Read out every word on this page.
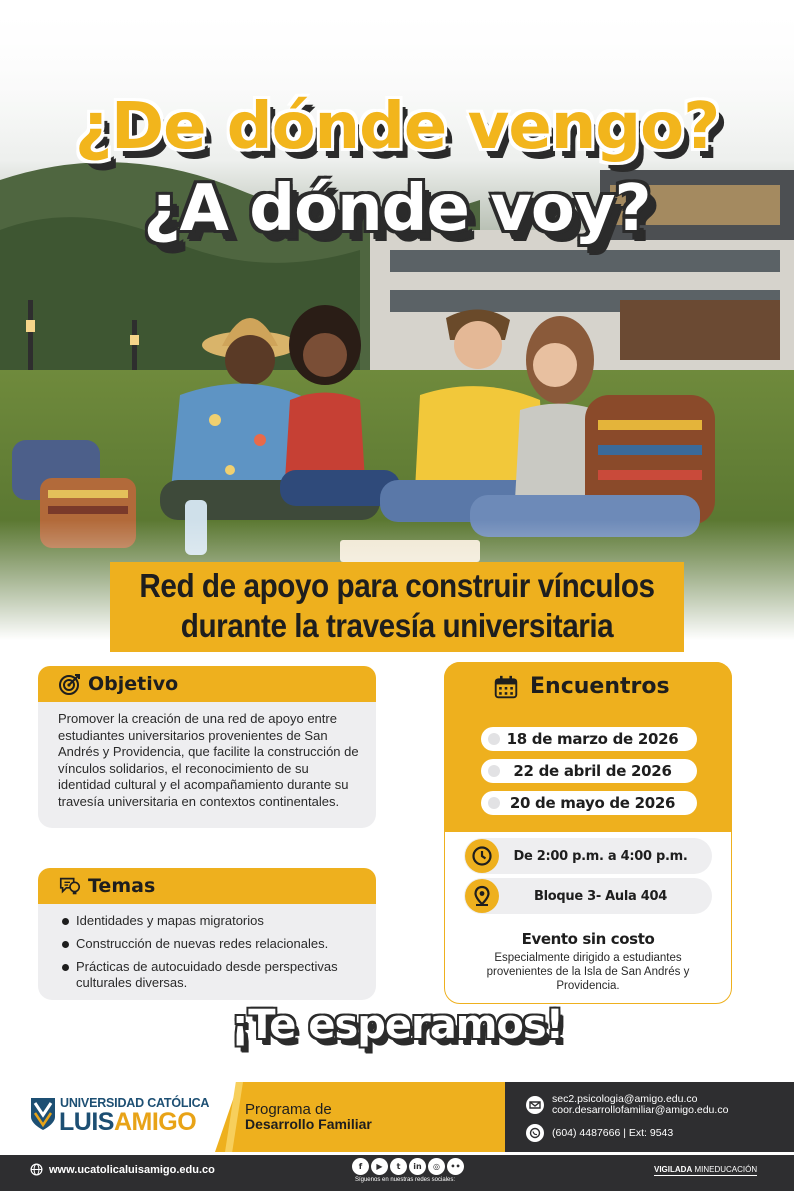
¿De dónde vengo?
¿A dónde voy?
Red de apoyo para construir vínculos
durante la travesía universitaria
Objetivo
Promover la creación de una red de apoyo entre estudiantes universitarios provenientes de San Andrés y Providencia, que facilite la construcción de vínculos solidarios, el reconocimiento de su identidad cultural y el acompañamiento durante su travesía universitaria en contextos continentales.
Temas
Identidades y mapas migratorios
Construcción de nuevas redes relacionales.
Prácticas de autocuidado desde perspectivas culturales diversas.
Encuentros
18 de marzo de 2026
22 de abril de 2026
20 de mayo de 2026
De 2:00 p.m. a 4:00 p.m.
Bloque 3- Aula 404
Evento sin costo
Especialmente dirigido a estudiantes provenientes de la Isla de San Andrés y Providencia.
¡Te esperamos!
UNIVERSIDAD CATÓLICA
LUISAMIGO	Programa de
Desarrollo Familiar
sec2.psicologia@amigo.edu.co
coor.desarrollofamiliar@amigo.edu.co
(604) 4487666 | Ext: 9543
www.ucatolicaluisamigo.edu.co	f	▶	t	in	◎	••
Síguenos en nuestras redes sociales:
VIGILADA MINEDUCACIÓN
